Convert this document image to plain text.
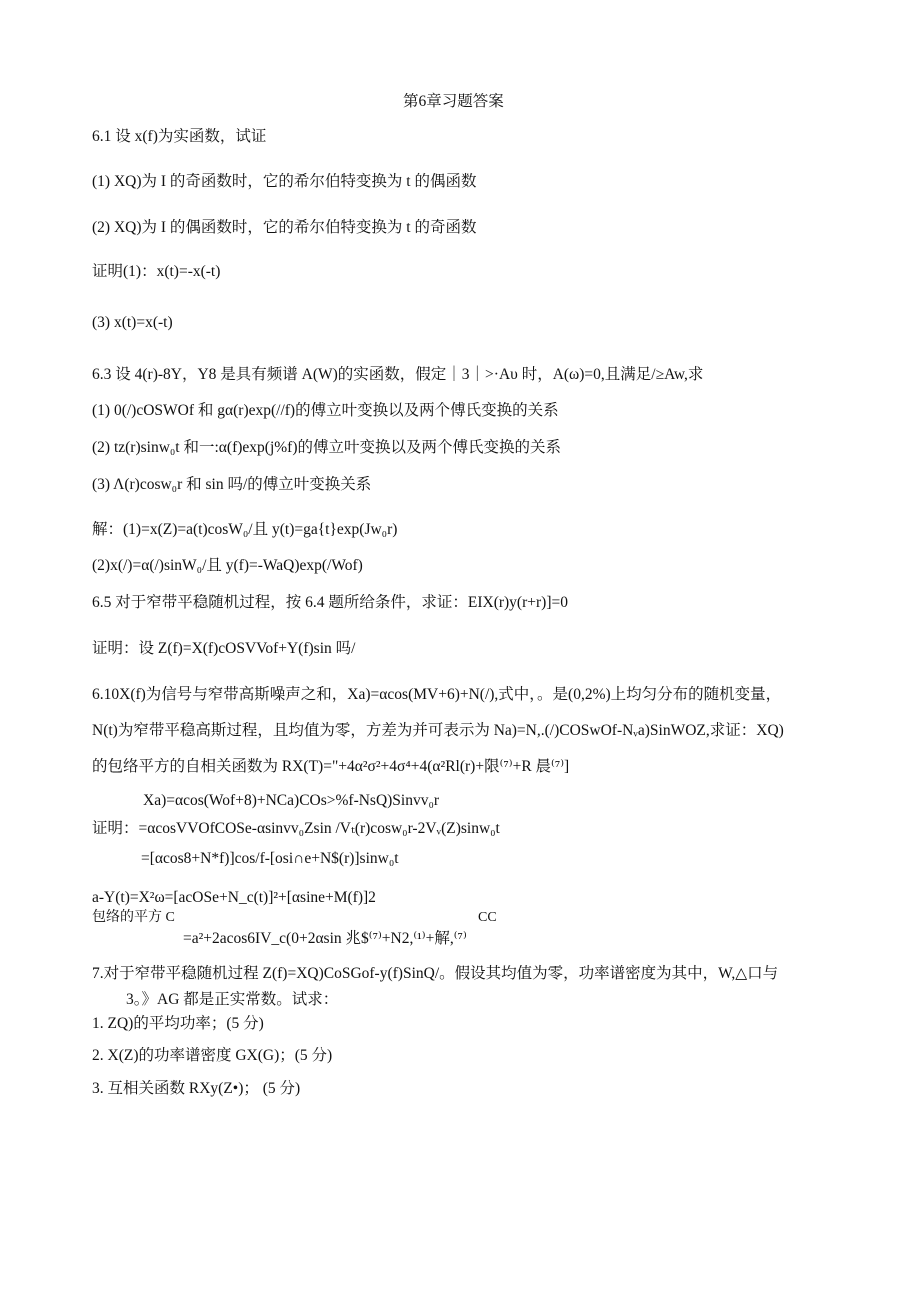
第6章习题答案
6.1 设 x(f)为实函数，试证
(1) XQ)为 I 的奇函数时，它的希尔伯特变换为 t 的偶函数
(2) XQ)为 I 的偶函数时，它的希尔伯特变换为 t 的奇函数
证明(1)：x(t)=-x(-t)
(3) x(t)=x(-t)
6.3 设 4(r)-8Y，Y8 是具有频谱 A(W)的实函数，假定｜3｜>·Aυ 时，A(ω)=0,且满足/≥Aw,求
(1) 0(/)cOSWOf 和 gα(r)exp(//f)的傅立叶变换以及两个傅氏变换的关系
(2) tz(r)sinw₀t 和一:α(f)exp(j%f)的傅立叶变换以及两个傅氏变换的关系
(3) Λ(r)cosw₀r 和 sin 吗/的傅立叶变换关系
解：(1)=x(Z)=a(t)cosW₀/且 y(t)=ga{t}exp(Jw₀r)
(2)x(/)=α(/)sinW₀/且 y(f)=-WaQ)exp(/Wof)
6.5 对于窄带平稳随机过程，按 6.4 题所给条件，求证：EIX(r)y(r+r)]=0
证明：设 Z(f)=X(f)cOSVVof+Y(f)sin 吗/
6.10X(f)为信号与窄带高斯噪声之和，Xa)=αcos(MV+6)+N(/),式中，。是(0,2%)上均匀分布的随机变量，
N(t)为窄带平稳高斯过程，且均值为零，方差为并可表示为 Na)=N,.(/)COSwOf-Nᵥa)SinWOZ,求证：XQ)
的包络平方的自相关函数为 RX(T)="+4α²σ²+4σ⁴+4(α²Rl(r)+限⁽⁷⁾+R 晨⁽⁷⁾]
Xa)=αcos(Wof+8)+NCa)COs>%f-NsQ)Sinvv₀r
证明：=αcosVVOfCOSe-αsinvv₀Zsin /Vₜ(r)cosw₀r-2Vᵥ(Z)sinw₀t
=[αcos8+N*f)]cos/f-[osi∩e+N$(r)]sinw₀t
a-Y(t)=X²ω=[acOSe+N_c(t)]²+[αsine+M(f)]2
包络的平方 C	CC
=a²+2acos6IV_c(0+2αsin 兆$⁽⁷⁾+N2,⁽¹⁾+解,⁽⁷⁾
7.对于窄带平稳随机过程 Z(f)=XQ)CoSGof-y(f)SinQ/。假设其均值为零，功率谱密度为其中，W,△口与
3。》AG 都是正实常数。试求：
1. ZQ)的平均功率；(5 分)
2. X(Z)的功率谱密度 GX(G)；(5 分)
3. 互相关函数 RXy(Z•)； (5 分)
